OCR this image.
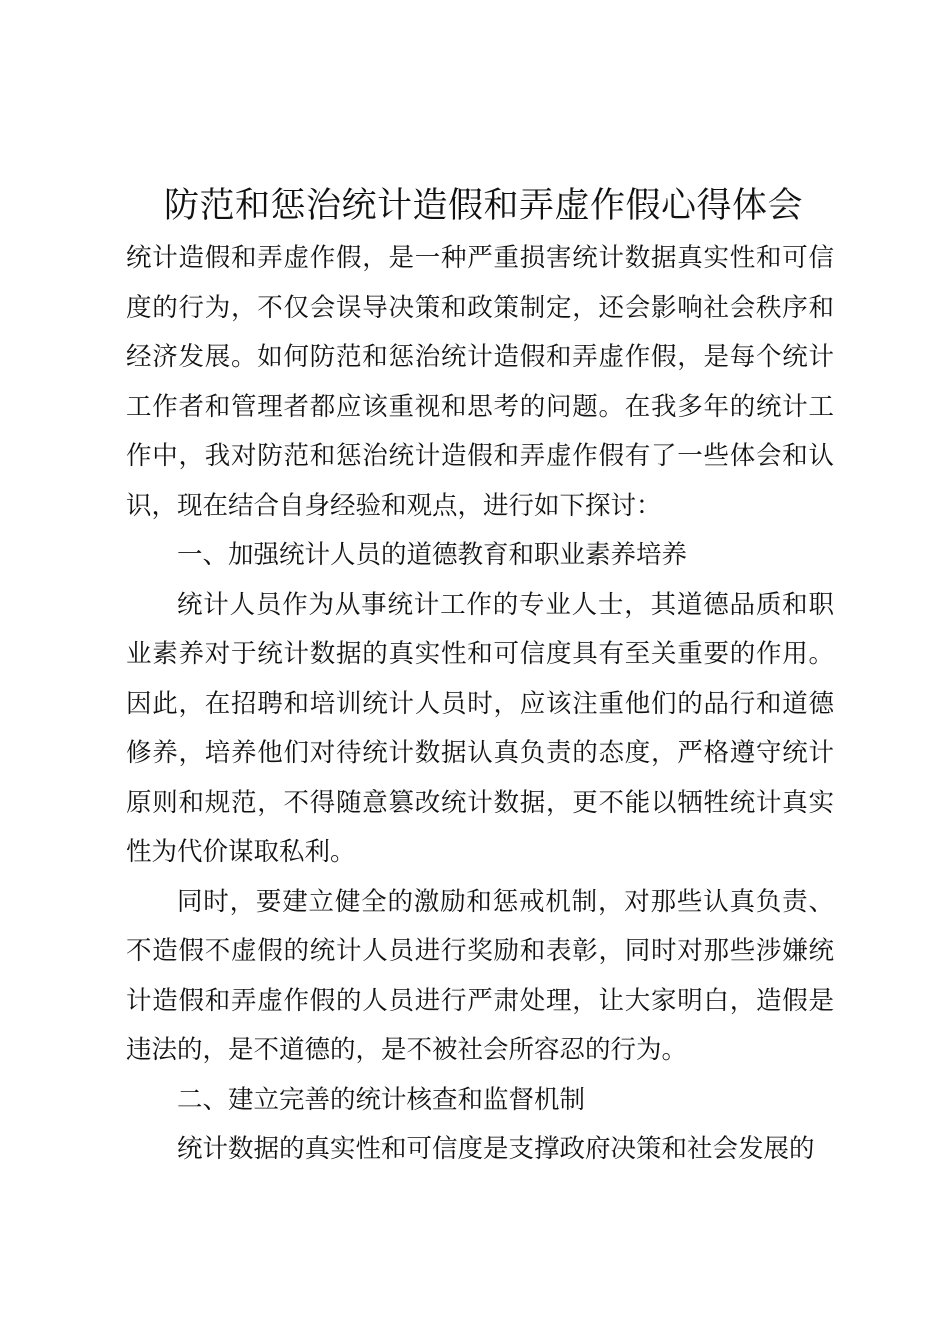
防范和惩治统计造假和弄虚作假心得体会

统计造假和弄虚作假，是一种严重损害统计数据真实性和可信度的行为，不仅会误导决策和政策制定，还会影响社会秩序和经济发展。如何防范和惩治统计造假和弄虚作假，是每个统计工作者和管理者都应该重视和思考的问题。在我多年的统计工作中，我对防范和惩治统计造假和弄虚作假有了一些体会和认识，现在结合自身经验和观点，进行如下探讨：

一、加强统计人员的道德教育和职业素养培养

统计人员作为从事统计工作的专业人士，其道德品质和职业素养对于统计数据的真实性和可信度具有至关重要的作用。因此，在招聘和培训统计人员时，应该注重他们的品行和道德修养，培养他们对待统计数据认真负责的态度，严格遵守统计原则和规范，不得随意篡改统计数据，更不能以牺牲统计真实性为代价谋取私利。

同时，要建立健全的激励和惩戒机制，对那些认真负责、不造假不虚假的统计人员进行奖励和表彰，同时对那些涉嫌统计造假和弄虚作假的人员进行严肃处理，让大家明白，造假是违法的，是不道德的，是不被社会所容忍的行为。

二、建立完善的统计核查和监督机制

统计数据的真实性和可信度是支撑政府决策和社会发展的
